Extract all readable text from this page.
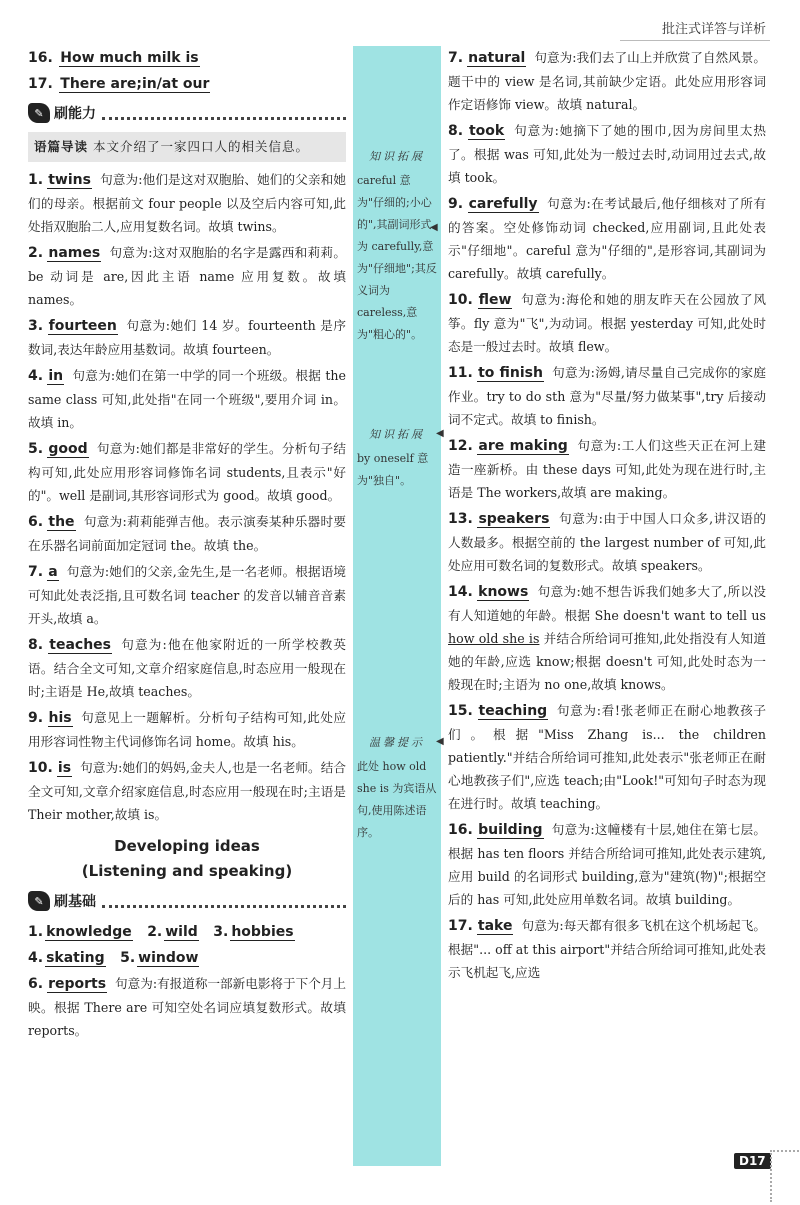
批注式详答与详析
16. How much milk is
17. There are;in/at our
✎ 刷能力
语篇导读 本文介绍了一家四口人的相关信息。
1. twins 句意为:他们是这对双胞胎、她们的父亲和她们的母亲。根据前文 four people 以及空后内容可知,此处指双胞胎二人,应用复数名词。故填 twins。
2. names 句意为:这对双胞胎的名字是露西和莉莉。be 动词是 are,因此主语 name 应用复数。故填 names。
3. fourteen 句意为:她们 14 岁。fourteenth 是序数词,表达年龄应用基数词。故填 fourteen。
4. in 句意为:她们在第一中学的同一个班级。根据 the same class 可知,此处指"在同一个班级",要用介词 in。故填 in。
5. good 句意为:她们都是非常好的学生。分析句子结构可知,此处应用形容词修饰名词 students,且表示"好的"。well 是副词,其形容词形式为 good。故填 good。
6. the 句意为:莉莉能弹吉他。表示演奏某种乐器时要在乐器名词前面加定冠词 the。故填 the。
7. a 句意为:她们的父亲,金先生,是一名老师。根据语境可知此处表泛指,且可数名词 teacher 的发音以辅音音素开头,故填 a。
8. teaches 句意为:他在他家附近的一所学校教英语。结合全文可知,文章介绍家庭信息,时态应用一般现在时;主语是 He,故填 teaches。
9. his 句意见上一题解析。分析句子结构可知,此处应用形容词性物主代词修饰名词 home。故填 his。
10. is 句意为:她们的妈妈,金夫人,也是一名老师。结合全文可知,文章介绍家庭信息,时态应用一般现在时;主语是 Their mother,故填 is。
Developing ideas
(Listening and speaking)
✎ 刷基础
1. knowledge 2. wild 3. hobbies
4. skating 5. window
6. reports 句意为:有报道称一部新电影将于下个月上映。根据 There are 可知空处名词应填复数形式。故填 reports。
知识拓展
careful 意为"仔细的;小心的",其副词形式为 carefully,意为"仔细地";其反义词为 careless,意为"粗心的"。
◀
知识拓展
by oneself 意为"独自"。
◀
温馨提示
此处 how old she is 为宾语从句,使用陈述语序。
◀
7. natural 句意为:我们去了山上并欣赏了自然风景。题干中的 view 是名词,其前缺少定语。此处应用形容词作定语修饰 view。故填 natural。
8. took 句意为:她摘下了她的围巾,因为房间里太热了。根据 was 可知,此处为一般过去时,动词用过去式,故填 took。
9. carefully 句意为:在考试最后,他仔细核对了所有的答案。空处修饰动词 checked,应用副词,且此处表示"仔细地"。careful 意为"仔细的",是形容词,其副词为 carefully。故填 carefully。
10. flew 句意为:海伦和她的朋友昨天在公园放了风筝。fly 意为"飞",为动词。根据 yesterday 可知,此处时态是一般过去时。故填 flew。
11. to finish 句意为:汤姆,请尽量自己完成你的家庭作业。try to do sth 意为"尽量/努力做某事",try 后接动词不定式。故填 to finish。
12. are making 句意为:工人们这些天正在河上建造一座新桥。由 these days 可知,此处为现在进行时,主语是 The workers,故填 are making。
13. speakers 句意为:由于中国人口众多,讲汉语的人数最多。根据空前的 the largest number of 可知,此处应用可数名词的复数形式。故填 speakers。
14. knows 句意为:她不想告诉我们她多大了,所以没有人知道她的年龄。根据 She doesn't want to tell us how old she is 并结合所给词可推知,此处指没有人知道她的年龄,应选 know;根据 doesn't 可知,此处时态为一般现在时;主语为 no one,故填 knows。
15. teaching 句意为:看!张老师正在耐心地教孩子们。根据"Miss Zhang is... the children patiently."并结合所给词可推知,此处表示"张老师正在耐心地教孩子们",应选 teach;由"Look!"可知句子时态为现在进行时。故填 teaching。
16. building 句意为:这幢楼有十层,她住在第七层。根据 has ten floors 并结合所给词可推知,此处表示建筑,应用 build 的名词形式 building,意为"建筑(物)";根据空后的 has 可知,此处应用单数名词。故填 building。
17. take 句意为:每天都有很多飞机在这个机场起飞。根据"... off at this airport"并结合所给词可推知,此处表示飞机起飞,应选
D17
